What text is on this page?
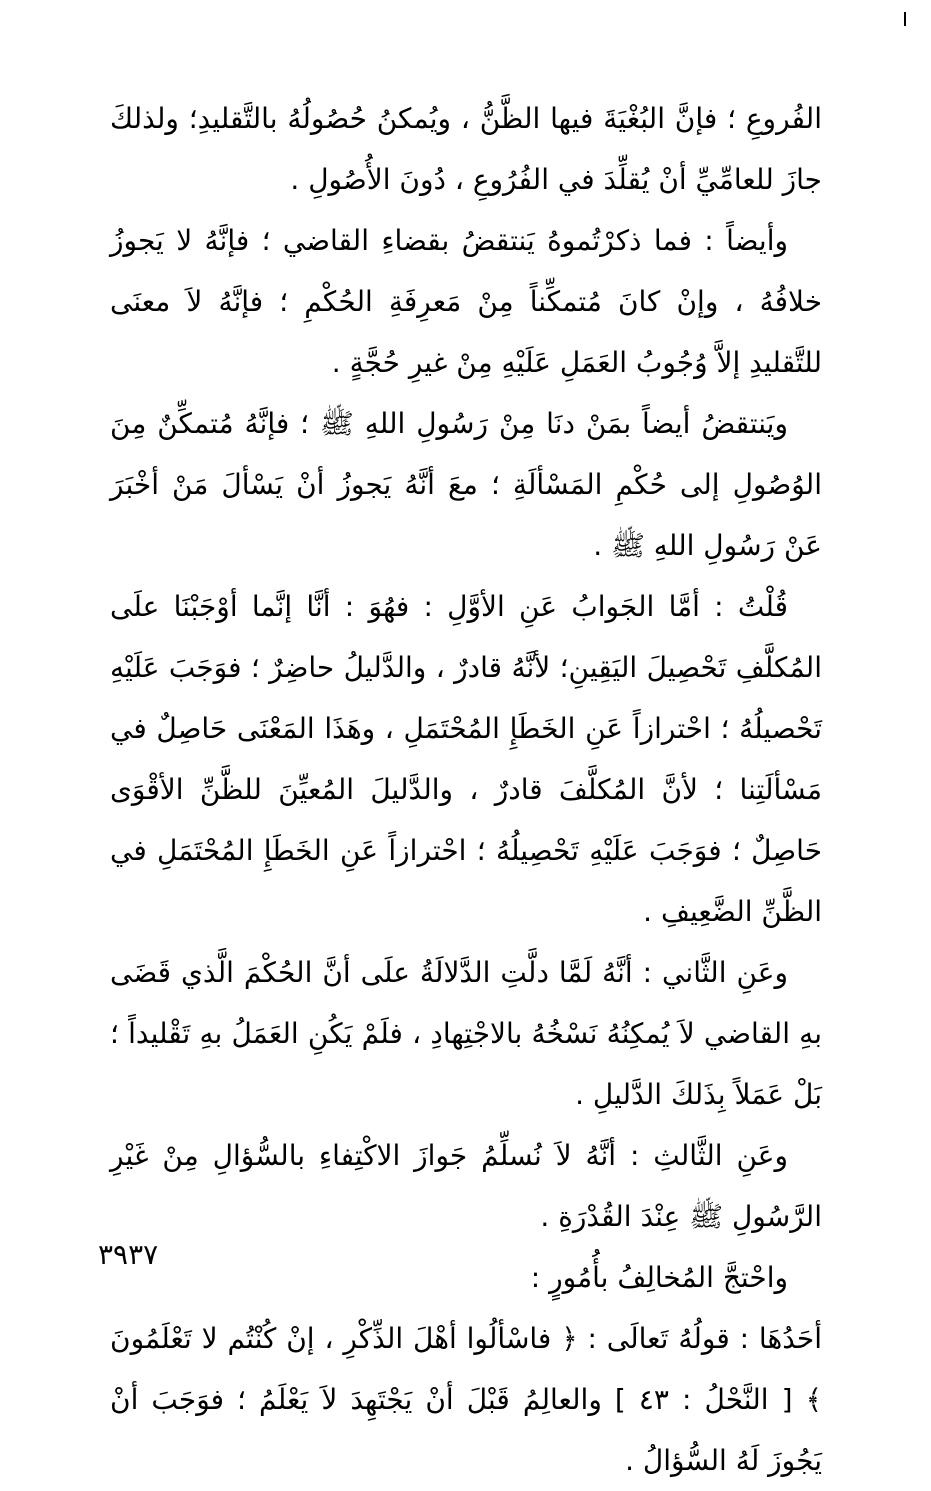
الفُروعِ ؛ فإنَّ البُغْيَةَ فيها الظَّنُّ ، ويُمكنُ حُصُولُهُ بالتَّقليدِ؛ ولذلكَ جازَ للعامِّيِّ أنْ يُقلِّدَ في الفُرُوعِ ، دُونَ الأُصُولِ .

وأيضاً : فما ذكرْتُموهُ يَنتقضُ بقضاءِ القاضي ؛ فإنَّهُ لا يَجوزُ خلافُهُ ، وإنْ كانَ مُتمكِّناً مِنْ مَعرِفَةِ الحُكْمِ ؛ فإنَّهُ لاَ معنَى للتَّقليدِ إلاَّ وُجُوبُ العَمَلِ عَلَيْهِ مِنْ غيرِ حُجَّةٍ .

ويَنتقضُ أيضاً بمَنْ دنَا مِنْ رَسُولِ اللهِ ﷺ ؛ فإنَّهُ مُتمكِّنٌ مِنَ الوُصُولِ إلى حُكْمِ المَسْألَةِ ؛ معَ أنَّهُ يَجوزُ أنْ يَسْألَ مَنْ أخْبَرَ عَنْ رَسُولِ اللهِ ﷺ .

قُلْتُ : أمَّا الجَوابُ عَنِ الأوَّلِ : فهُوَ : أنَّا إنَّما أوْجَبْنَا علَى المُكلَّفِ تَحْصِيلَ اليَقِينِ؛ لأنَّهُ قادرٌ ، والدَّليلُ حاضِرٌ ؛ فوَجَبَ عَلَيْهِ تَحْصيلُهُ ؛ احْترازاً عَنِ الخَطَإِ المُحْتَمَلِ ، وهَذَا المَعْنَى حَاصِلٌ في مَسْألَتِنا ؛ لأنَّ المُكلَّفَ قادرٌ ، والدَّليلَ المُعيِّنَ للظَّنِّ الأقْوَى حَاصِلٌ ؛ فوَجَبَ عَلَيْهِ تَحْصِيلُهُ ؛ احْترازاً عَنِ الخَطَإِ المُحْتَمَلِ في الظَّنِّ الضَّعِيفِ .

وعَنِ الثَّاني : أنَّهُ لَمَّا دلَّتِ الدَّلالَةُ علَى أنَّ الحُكْمَ الَّذي قَضَى بهِ القاضي لاَ يُمكِنُهُ نَسْخُهُ بالاجْتِهادِ ، فلَمْ يَكُنِ العَمَلُ بهِ تَقْليداً ؛ بَلْ عَمَلاً بِذَلكَ الدَّليلِ .

وعَنِ الثَّالثِ : أنَّهُ لاَ نُسلِّمُ جَوازَ الاكْتِفاءِ بالسُّؤالِ مِنْ غَيْرِ الرَّسُولِ ﷺ عِنْدَ القُدْرَةِ .

واحْتجَّ المُخالِفُ بأُمُورٍ :

أحَدُهَا : قولُهُ تَعالَى : ﴿ فاسْألُوا أهْلَ الذِّكْرِ ، إنْ كُنْتُم لا تَعْلَمُونَ ﴾ [ النَّحْلُ : ٤٣ ] والعالِمُ قَبْلَ أنْ يَجْتَهِدَ لاَ يَعْلَمُ ؛ فوَجَبَ أنْ يَجُوزَ لَهُ السُّؤالُ .

٣٩٣٧
